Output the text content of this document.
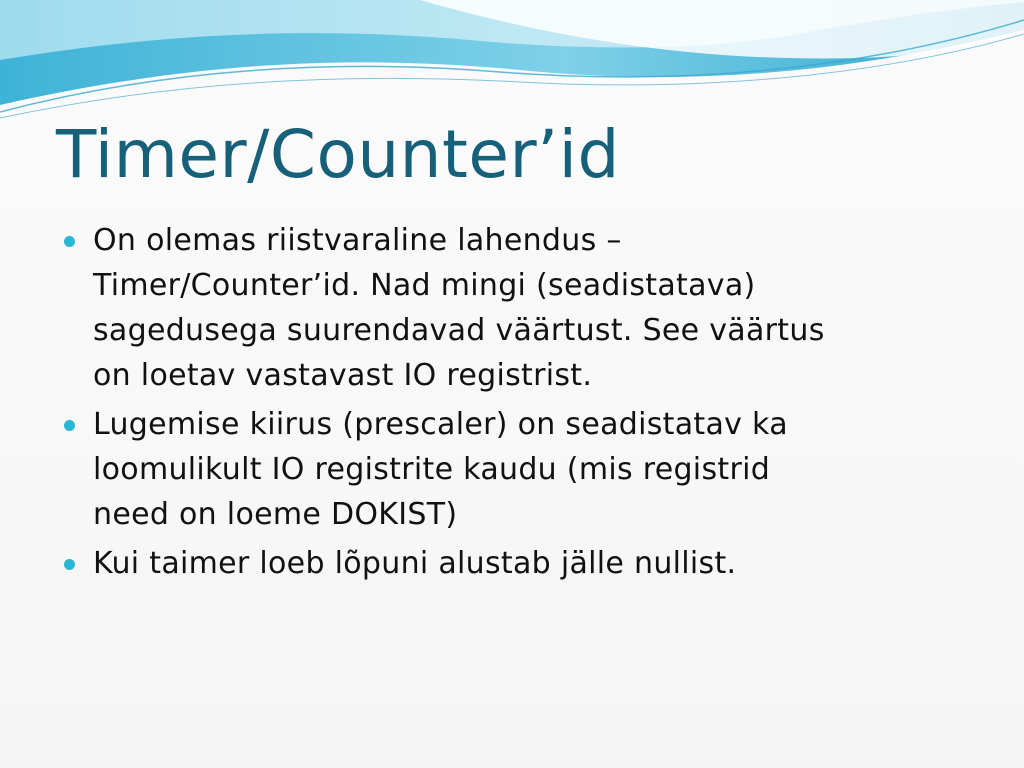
Timer/Counter’id
On olemas riistvaraline lahendus –
Timer/Counter’id. Nad mingi (seadistatava)
sagedusega suurendavad väärtust. See väärtus
on loetav vastavast IO registrist.
Lugemise kiirus (prescaler) on seadistatav ka
loomulikult IO registrite kaudu (mis registrid
need on loeme DOKIST)
Kui taimer loeb lõpuni alustab jälle nullist.
